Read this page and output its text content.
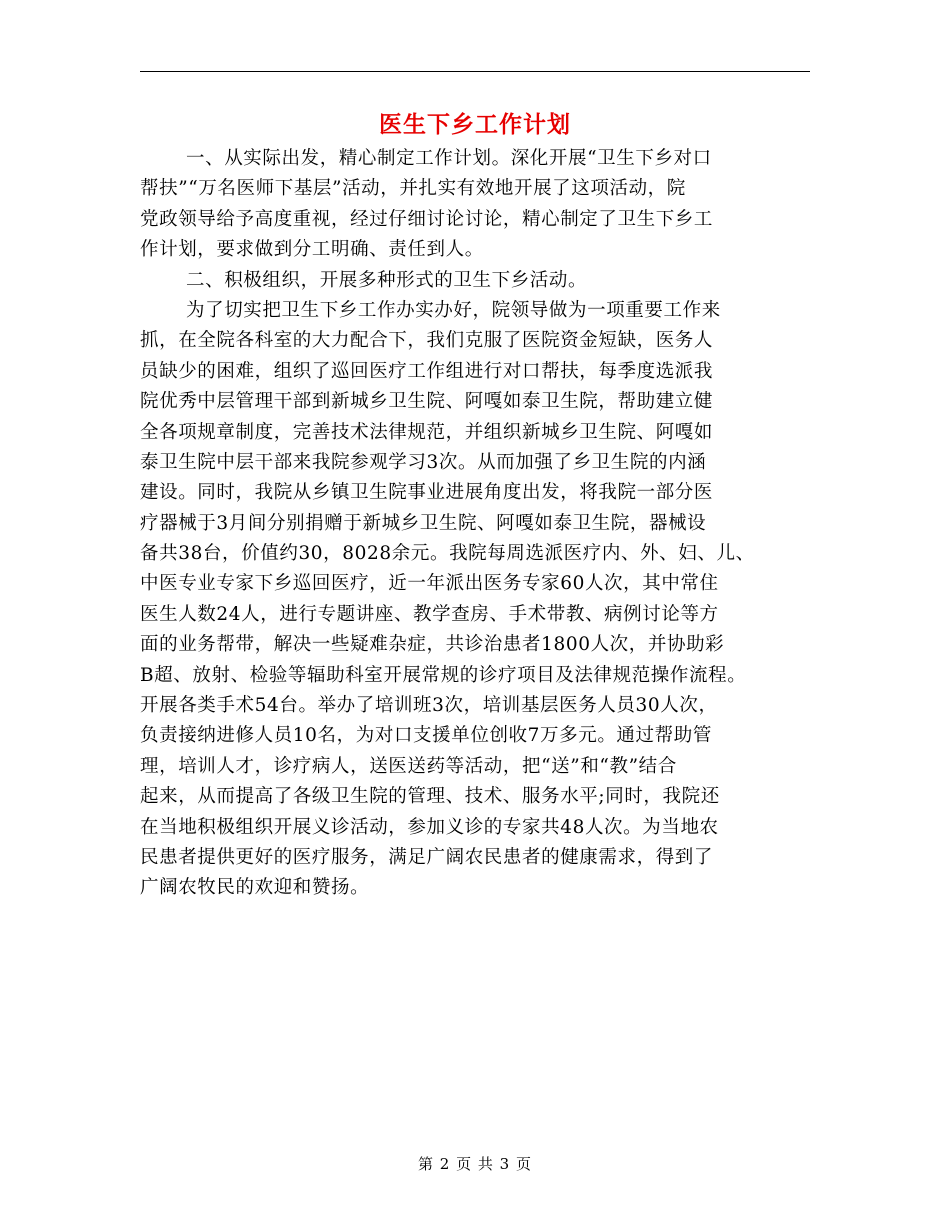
医生下乡工作计划
一、从实际出发，精心制定工作计划。深化开展“卫生下乡对口
帮扶”“万名医师下基层”活动，并扎实有效地开展了这项活动，院
党政领导给予高度重视，经过仔细讨论讨论，精心制定了卫生下乡工
作计划，要求做到分工明确、责任到人。
二、积极组织，开展多种形式的卫生下乡活动。
为了切实把卫生下乡工作办实办好，院领导做为一项重要工作来
抓，在全院各科室的大力配合下，我们克服了医院资金短缺，医务人
员缺少的困难，组织了巡回医疗工作组进行对口帮扶，每季度选派我
院优秀中层管理干部到新城乡卫生院、阿嘎如泰卫生院，帮助建立健
全各项规章制度，完善技术法律规范，并组织新城乡卫生院、阿嘎如
泰卫生院中层干部来我院参观学习3次。从而加强了乡卫生院的内涵
建设。同时，我院从乡镇卫生院事业进展角度出发，将我院一部分医
疗器械于3月间分别捐赠于新城乡卫生院、阿嘎如泰卫生院，器械设
备共38台，价值约30，8028余元。我院每周选派医疗内、外、妇、儿、
中医专业专家下乡巡回医疗，近一年派出医务专家60人次，其中常住
医生人数24人，进行专题讲座、教学查房、手术带教、病例讨论等方
面的业务帮带，解决一些疑难杂症，共诊治患者1800人次，并协助彩
B超、放射、检验等辐助科室开展常规的诊疗项目及法律规范操作流程。
开展各类手术54台。举办了培训班3次，培训基层医务人员30人次，
负责接纳进修人员10名，为对口支援单位创收7万多元。通过帮助管
理，培训人才，诊疗病人，送医送药等活动，把“送”和“教”结合
起来，从而提高了各级卫生院的管理、技术、服务水平;同时，我院还
在当地积极组织开展义诊活动，参加义诊的专家共48人次。为当地农
民患者提供更好的医疗服务，满足广阔农民患者的健康需求，得到了
广阔农牧民的欢迎和赞扬。
第 2 页 共 3 页
